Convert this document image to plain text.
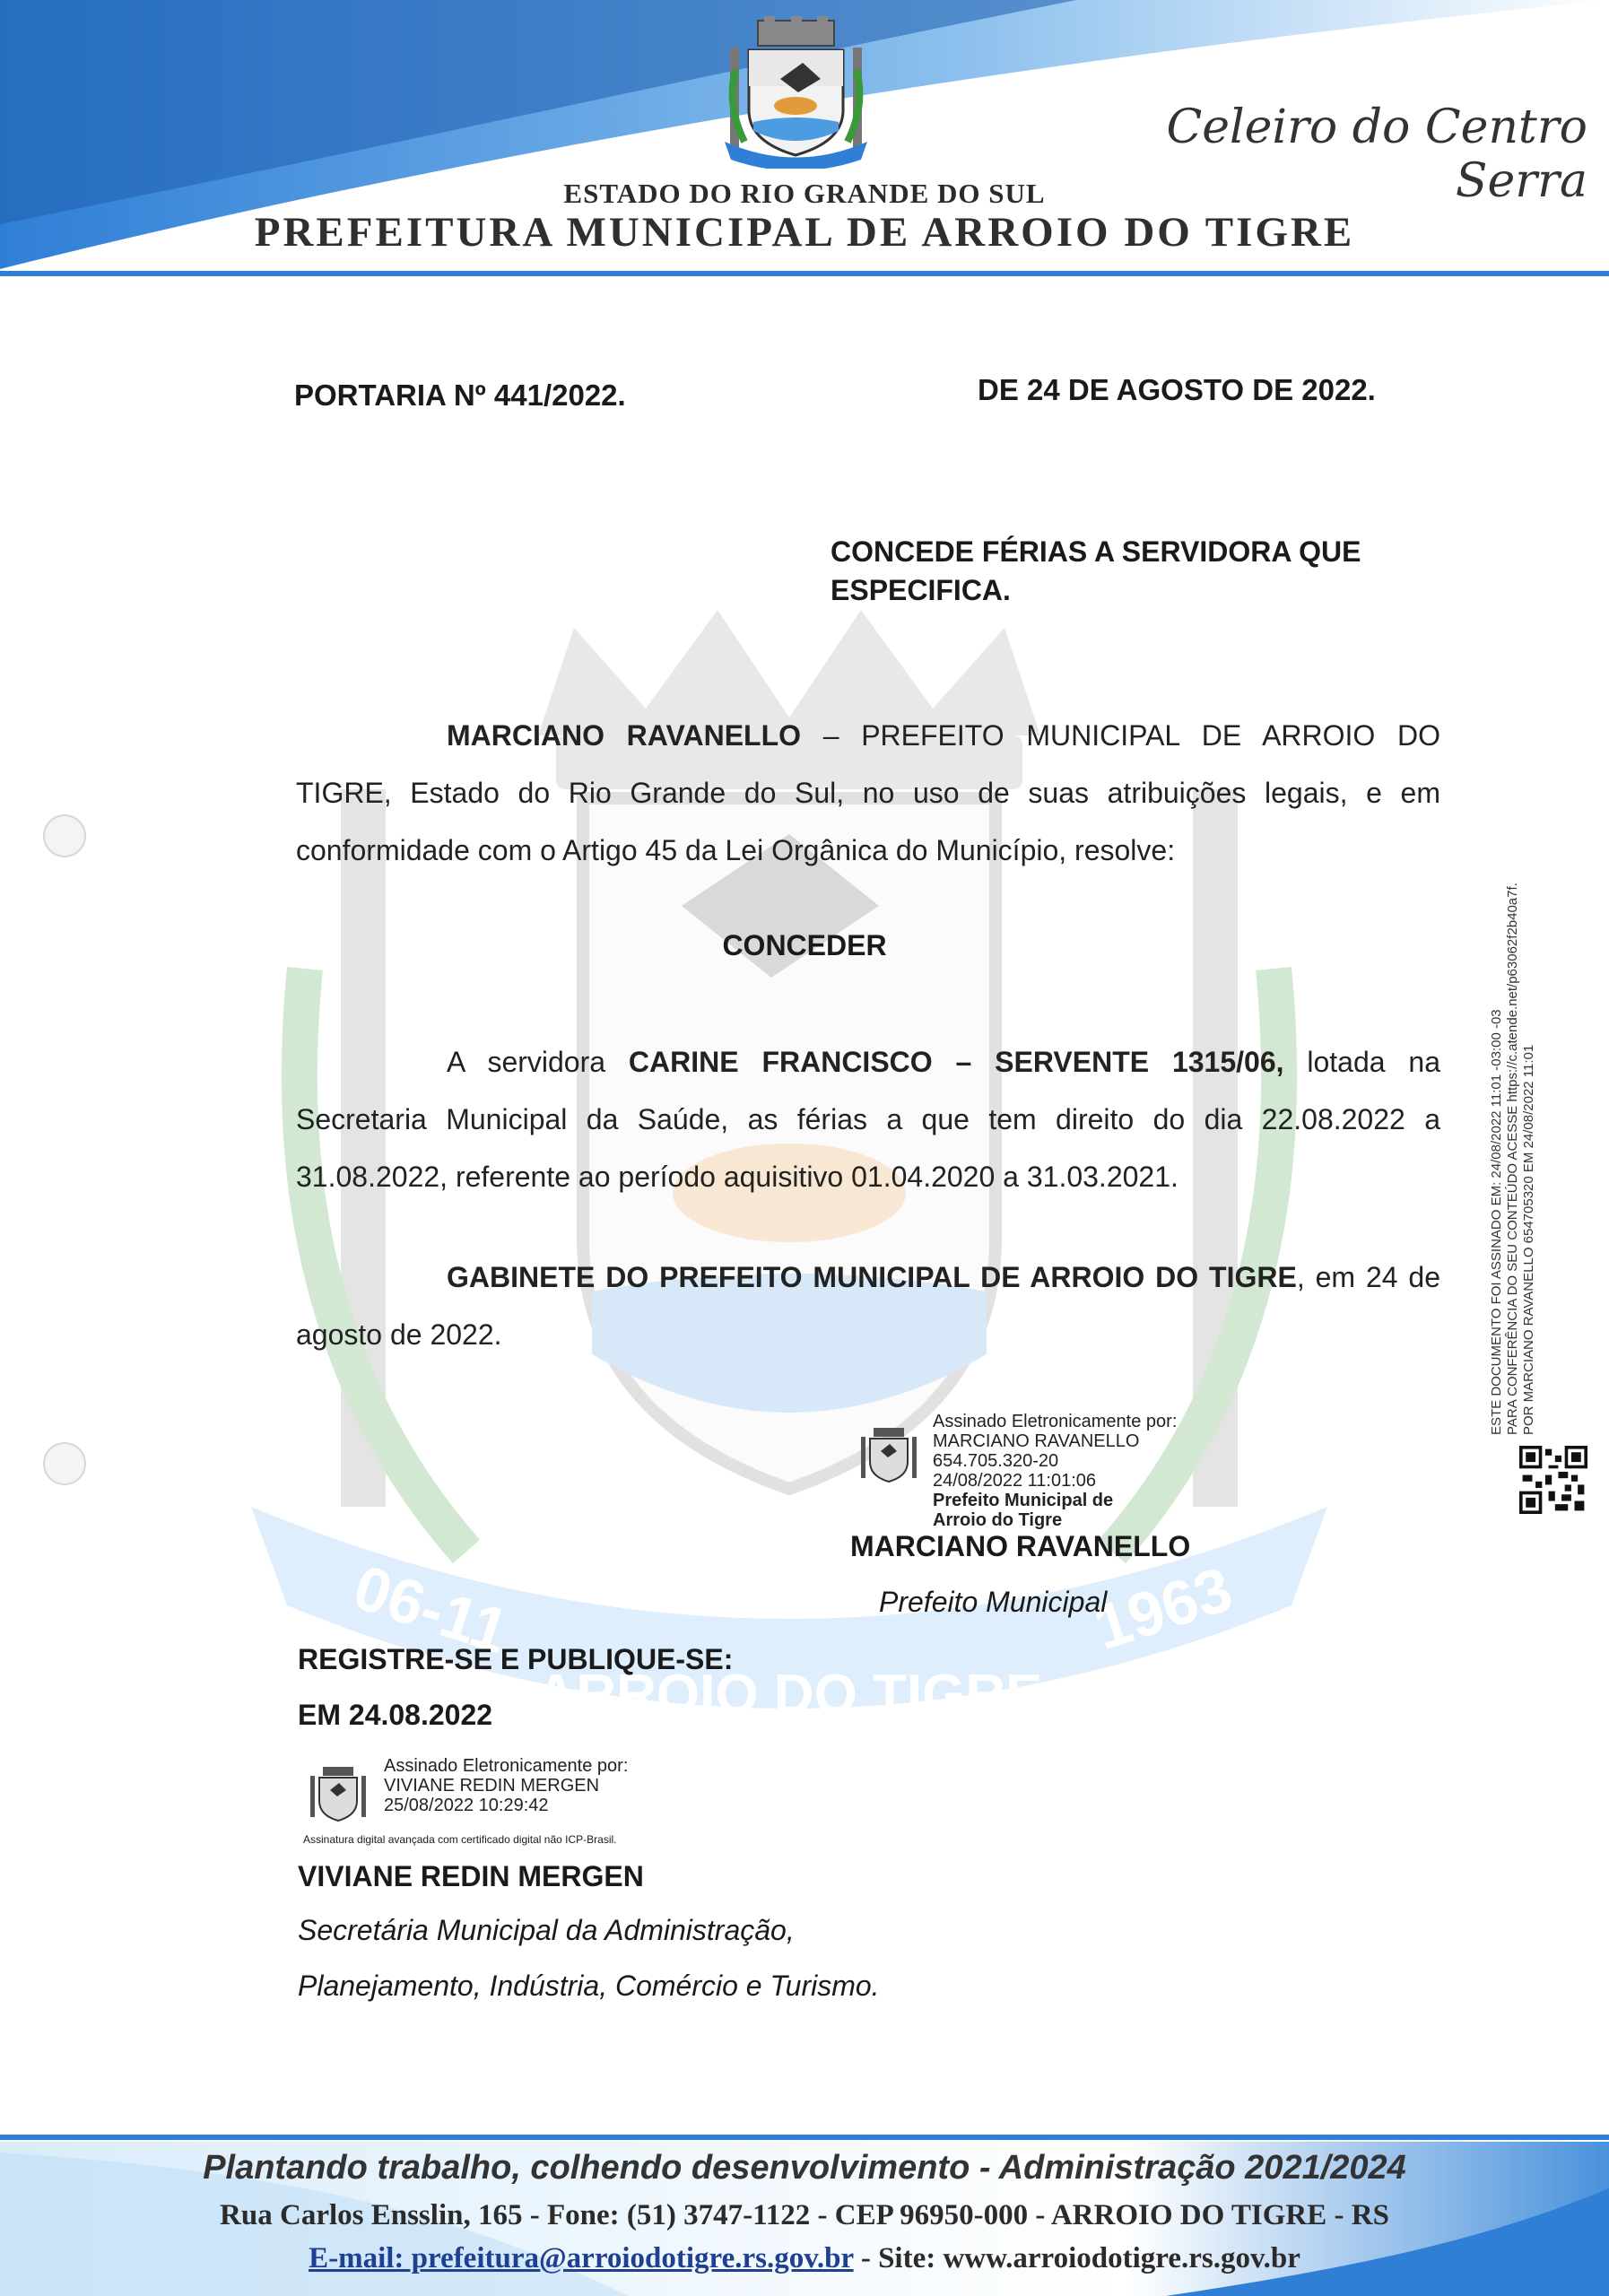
Celeiro do Centro Serra
ESTADO DO RIO GRANDE DO SUL
PREFEITURA MUNICIPAL DE ARROIO DO TIGRE
06-11
ARROIO DO TIGRE
1963
PORTARIA Nº 441/2022.	DE 24 DE AGOSTO DE 2022.
CONCEDE FÉRIAS A SERVIDORA QUE ESPECIFICA.
MARCIANO RAVANELLO – PREFEITO MUNICIPAL DE ARROIO DO TIGRE, Estado do Rio Grande do Sul, no uso de suas atribuições legais, e em conformidade com o Artigo 45 da Lei Orgânica do Município, resolve:
CONCEDER
A servidora CARINE FRANCISCO – SERVENTE 1315/06, lotada na Secretaria Municipal da Saúde, as férias a que tem direito do dia 22.08.2022 a 31.08.2022, referente ao período aquisitivo 01.04.2020 a 31.03.2021.
GABINETE DO PREFEITO MUNICIPAL DE ARROIO DO TIGRE, em 24 de agosto de 2022.
Assinado Eletronicamente por:
MARCIANO RAVANELLO
654.705.320-20
24/08/2022 11:01:06
Prefeito Municipal de
Arroio do Tigre
MARCIANO RAVANELLO
Prefeito Municipal
REGISTRE-SE E PUBLIQUE-SE:
EM 24.08.2022
Assinado Eletronicamente por:
VIVIANE REDIN MERGEN
25/08/2022 10:29:42
Assinatura digital avançada com certificado digital não ICP-Brasil.
VIVIANE REDIN MERGEN
Secretária Municipal da Administração,
Planejamento, Indústria, Comércio e Turismo.
ESTE DOCUMENTO FOI ASSINADO EM: 24/08/2022 11:01 -03:00 -03 PARA CONFERÊNCIA DO SEU CONTEÚDO ACESSE https://c.atende.net/p63062f2b40a7f. POR MARCIANO RAVANELLO 654705320 EM 24/08/2022 11:01
Plantando trabalho, colhendo desenvolvimento - Administração 2021/2024
Rua Carlos Ensslin, 165 - Fone: (51) 3747-1122 - CEP 96950-000 - ARROIO DO TIGRE - RS
E-mail: prefeitura@arroiodotigre.rs.gov.br - Site: www.arroiodotigre.rs.gov.br
